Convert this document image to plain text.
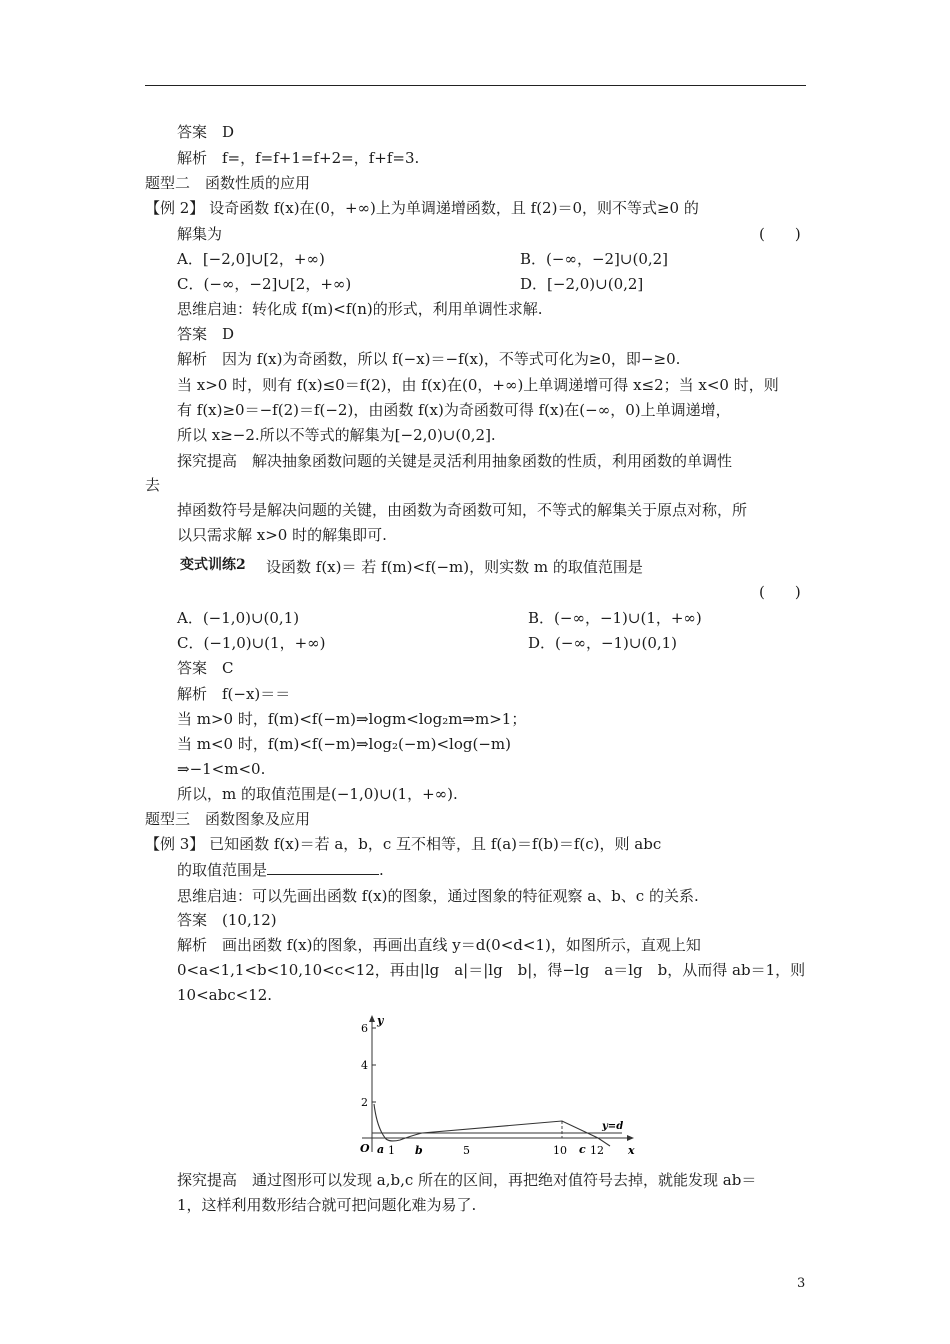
答案　D
解析　f=，f=f+1=f+2=，f+f=3.
题型二　函数性质的应用
【例 2】 设奇函数 f(x)在(0，+∞)上为单调递增函数，且 f(2)＝0，则不等式≥0 的
解集为	(　　)
A．[−2,0]∪[2，+∞)	B．(−∞，−2]∪(0,2]
C．(−∞，−2]∪[2，+∞)	D．[−2,0)∪(0,2]
思维启迪：转化成 f(m)<f(n)的形式，利用单调性求解.
答案　D
解析　因为 f(x)为奇函数，所以 f(−x)＝−f(x)，不等式可化为≥0，即−≥0.
当 x>0 时，则有 f(x)≤0＝f(2)，由 f(x)在(0，+∞)上单调递增可得 x≤2；当 x<0 时，则
有 f(x)≥0＝−f(2)＝f(−2)，由函数 f(x)为奇函数可得 f(x)在(−∞，0)上单调递增，
所以 x≥−2.所以不等式的解集为[−2,0)∪(0,2].
探究提高　解决抽象函数问题的关键是灵活利用抽象函数的性质，利用函数的单调性
去
掉函数符号是解决问题的关键，由函数为奇函数可知，不等式的解集关于原点对称，所
以只需求解 x>0 时的解集即可.
变式训练2 设函数 f(x)＝ 若 f(m)<f(−m)，则实数 m 的取值范围是
(　　)
A．(−1,0)∪(0,1)	B．(−∞，−1)∪(1，+∞)
C．(−1,0)∪(1，+∞)	D．(−∞，−1)∪(0,1)
答案　C
解析　f(−x)＝＝
当 m>0 时，f(m)<f(−m)⇒logm<log₂m⇒m>1；
当 m<0 时，f(m)<f(−m)⇒log₂(−m)<log(−m)
⇒−1<m<0.
所以，m 的取值范围是(−1,0)∪(1，+∞).
题型三　函数图象及应用
【例 3】 已知函数 f(x)＝若 a，b，c 互不相等，且 f(a)＝f(b)＝f(c)，则 abc
的取值范围是	.
思维启迪：可以先画出函数 f(x)的图象，通过图象的特征观察 a、b、c 的关系.
答案　(10,12)
解析　画出函数 f(x)的图象，再画出直线 y＝d(0<d<1)，如图所示，直观上知
0<a<1,1<b<10,10<c<12，再由|lg　a|＝|lg　b|，得−lg　a＝lg　b，从而得 ab＝1，则
10<abc<12.
y
x
O
6
4
2
1	5	10 12
a	b	c
y=d
探究提高　通过图形可以发现 a,b,c 所在的区间，再把绝对值符号去掉，就能发现 ab＝
1，这样利用数形结合就可把问题化难为易了.
3
